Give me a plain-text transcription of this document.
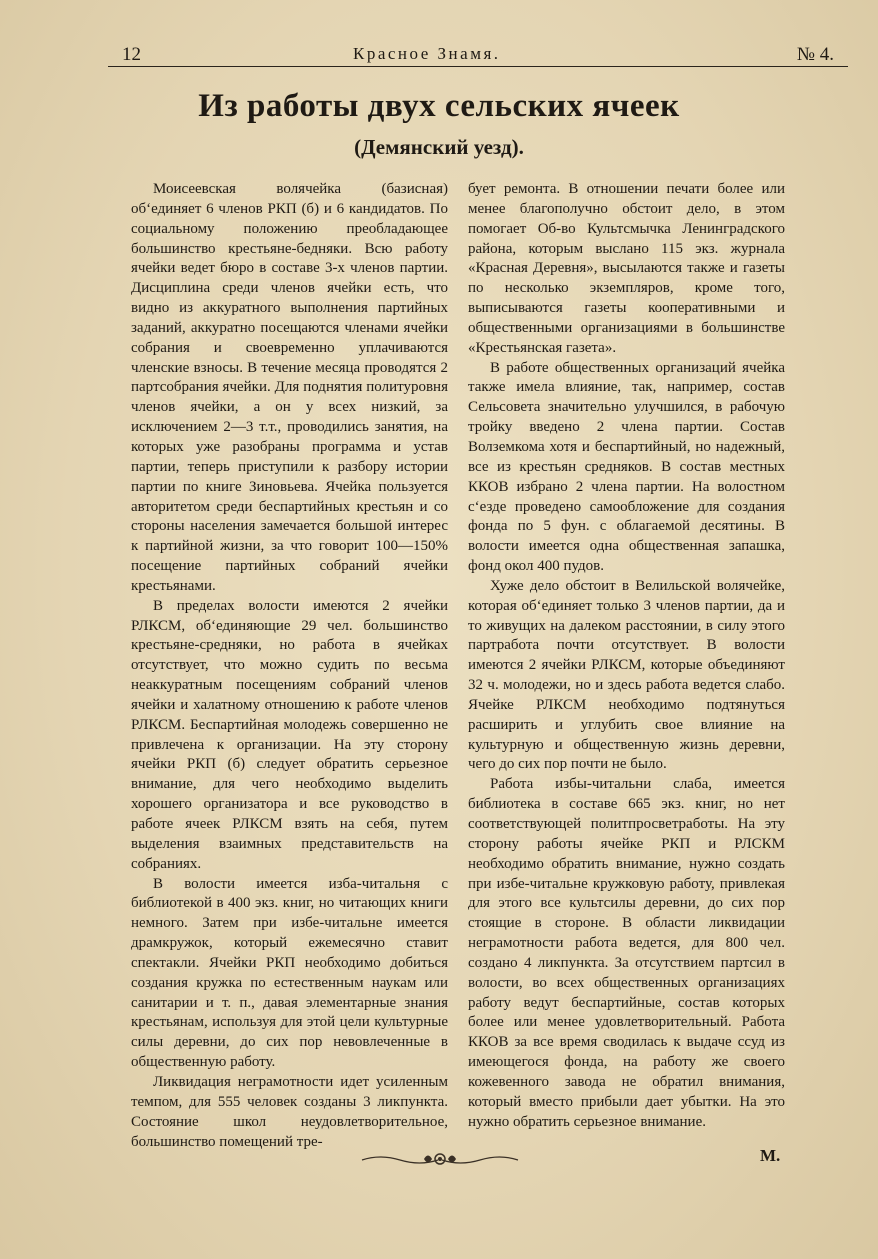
12	Красное Знамя.	№ 4.
Из работы двух сельских ячеек
(Демянский уезд).

Моисеевская волячейка (базисная) об‘единяет 6 членов РКП (б) и 6 кандидатов. По социальному положению преобладающее большинство крестьяне-бедняки. Всю работу ячейки ведет бюро в составе 3-х членов партии. Дисциплина среди членов ячейки есть, что видно из аккуратного выполнения партийных заданий, аккуратно посещаются членами ячейки собрания и своевременно уплачиваются членские взносы. В течение месяца проводятся 2 партсобрания ячейки. Для поднятия политуровня членов ячейки, а он у всех низкий, за исключением 2—3 т.т., проводились занятия, на которых уже разобраны программа и устав партии, теперь приступили к разбору истории партии по книге Зиновьева. Ячейка пользуется авторитетом среди беспартийных крестьян и со стороны населения замечается большой интерес к партийной жизни, за что говорит 100—150% посещение партийных собраний ячейки крестьянами.

В пределах волости имеются 2 ячейки РЛКСМ, об‘единяющие 29 чел. большинство крестьяне-средняки, но работа в ячейках отсутствует, что можно судить по весьма неаккуратным посещениям собраний членов ячейки и халатному отношению к работе членов РЛКСМ. Беспартийная молодежь совершенно не привлечена к организации. На эту сторону ячейки РКП (б) следует обратить серьезное внимание, для чего необходимо выделить хорошего организатора и все руководство в работе ячеек РЛКСМ взять на себя, путем выделения взаимных представительств на собраниях.

В волости имеется изба-читальня с библиотекой в 400 экз. книг, но читающих книги немного. Затем при избе-читальне имеется драмкружок, который ежемесячно ставит спектакли. Ячейки РКП необходимо добиться создания кружка по естественным наукам или санитарии и т. п., давая элементарные знания крестьянам, используя для этой цели культурные силы деревни, до сих пор невовлеченные в общественную работу.

Ликвидация неграмотности идет усиленным темпом, для 555 человек созданы 3 ликпункта. Состояние школ неудовлетворительное, большинство помещений тре-

бует ремонта. В отношении печати более или менее благополучно обстоит дело, в этом помогает Об-во Культсмычка Ленинградского района, которым выслано 115 экз. журнала «Красная Деревня», высылаются также и газеты по несколько экземпляров, кроме того, выписываются газеты кооперативными и общественными организациями в большинстве «Крестьянская газета».

В работе общественных организаций ячейка также имела влияние, так, например, состав Сельсовета значительно улучшился, в рабочую тройку введено 2 члена партии. Состав Волземкома хотя и беспартийный, но надежный, все из крестьян средняков. В состав местных ККОВ избрано 2 члена партии. На волостном с‘езде проведено самообложение для создания фонда по 5 фун. с облагаемой десятины. В волости имеется одна общественная запашка, фонд окол 400 пудов.

Хуже дело обстоит в Велильской волячейке, которая об‘единяет только 3 членов партии, да и то живущих на далеком расстоянии, в силу этого партработа почти отсутствует. В волости имеются 2 ячейки РЛКСМ, которые объединяют 32 ч. молодежи, но и здесь работа ведется слабо. Ячейке РЛКСМ необходимо подтянуться расширить и углубить свое влияние на культурную и общественную жизнь деревни, чего до сих пор почти не было.

Работа избы-читальни слаба, имеется библиотека в составе 665 экз. книг, но нет соответствующей политпросветработы. На эту сторону работы ячейке РКП и РЛСКМ необходимо обратить внимание, нужно создать при избе-читальне кружковую работу, привлекая для этого все культсилы деревни, до сих пор стоящие в стороне. В области ликвидации неграмотности работа ведется, для 800 чел. создано 4 ликпункта. За отсутствием партсил в волости, во всех общественных организациях работу ведут беспартийные, состав которых более или менее удовлетворительный. Работа ККОВ за все время сводилась к выдаче ссуд из имеющегося фонда, на работу же своего кожевенного завода не обратил внимания, который вместо прибыли дает убытки. На это нужно обратить серьезное внимание.

М.
